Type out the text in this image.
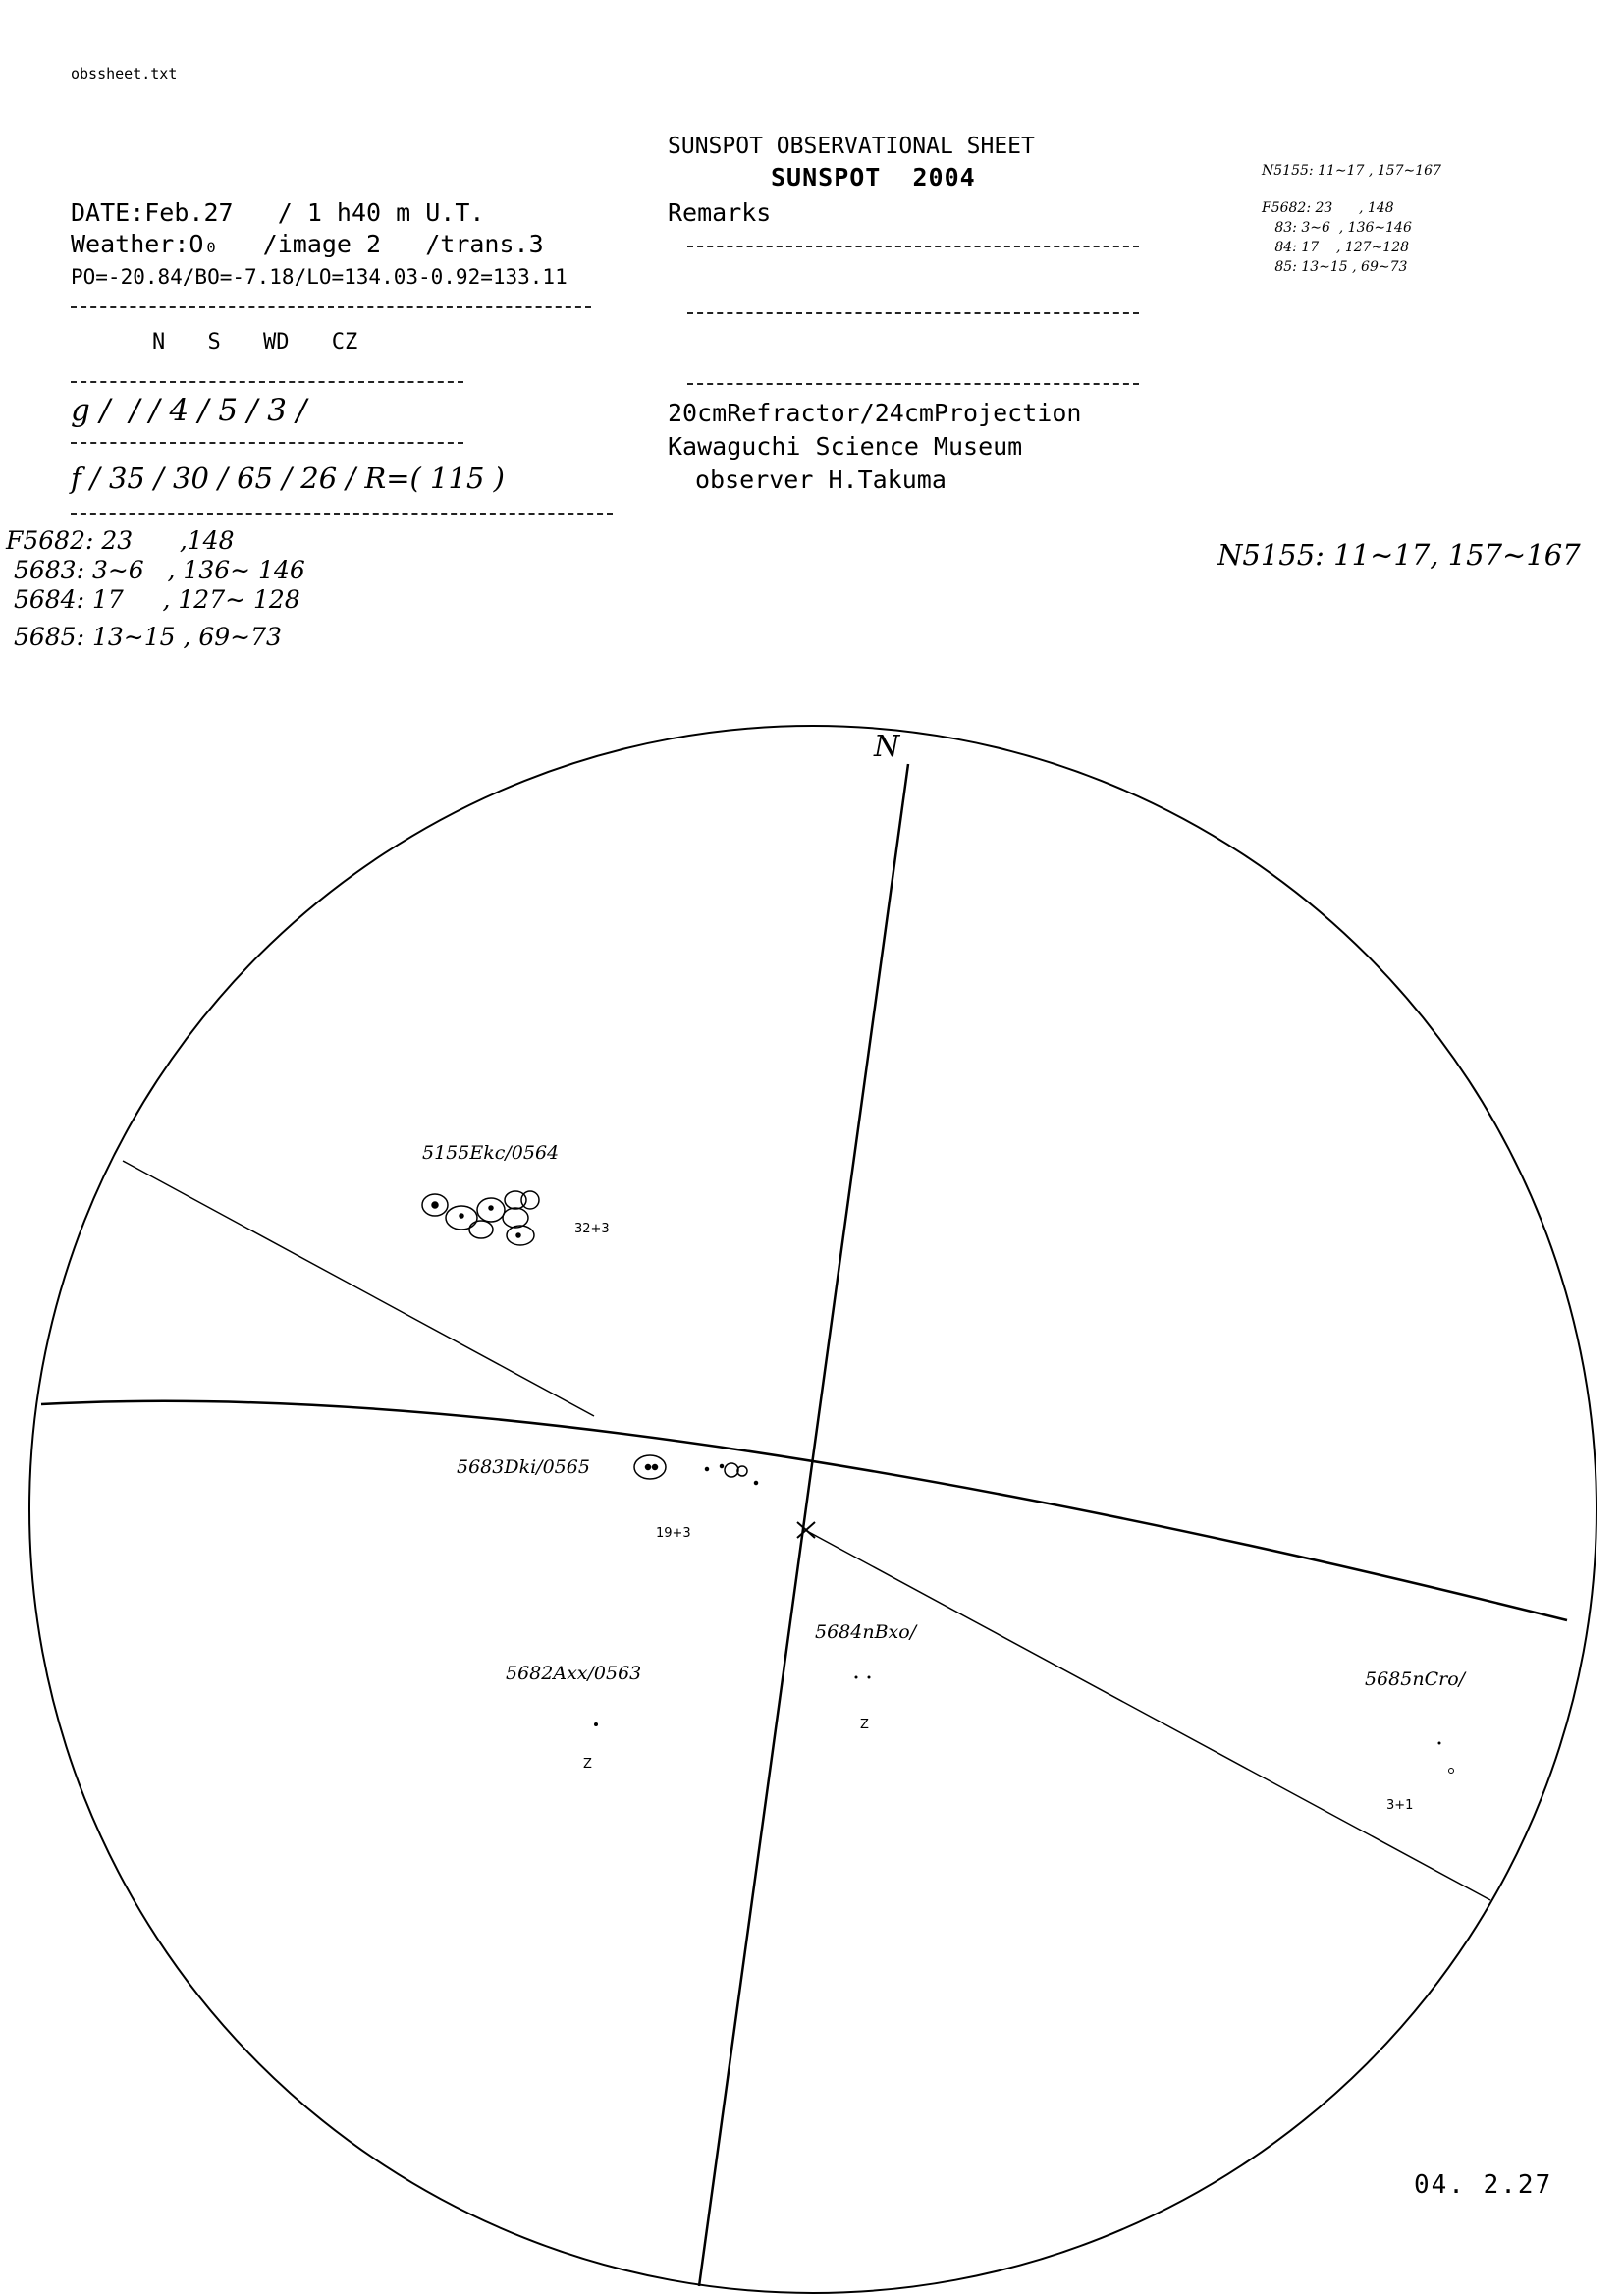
obssheet.txt
SUNSPOT OBSERVATIONAL SHEET
SUNSPOT  2004
DATE:Feb.27   / 1 h40 m U.T.
Weather:O₀   /image 2   /trans.3
PO=-20.84/BO=-7.18/LO=134.03-0.92=133.11
Remarks
N S WD CZ
g /  / / 4 / 5 / 3 /
f / 35 / 30 / 65 / 26 / R=( 115 )
20cmRefractor/24cmProjection
Kawaguchi Science Museum
observer H.Takuma
N5155: 11∼17 , 157∼167
F5682: 23      , 148
83: 3∼6  , 136∼146
84: 17    , 127∼128
85: 13∼15 , 69∼73
F5682: 23      ,148
5683: 3∼6   , 136∼ 146
5684: 17     , 127∼ 128
5685: 13∼15 , 69∼73
N5155: 11∼17, 157∼167
N
5155Ekc/0564
32+3
5683Dki/0565
19+3
5684nBxo/
Z
5682Axx/0563
Z
5685nCro/
3+1
04. 2.27
